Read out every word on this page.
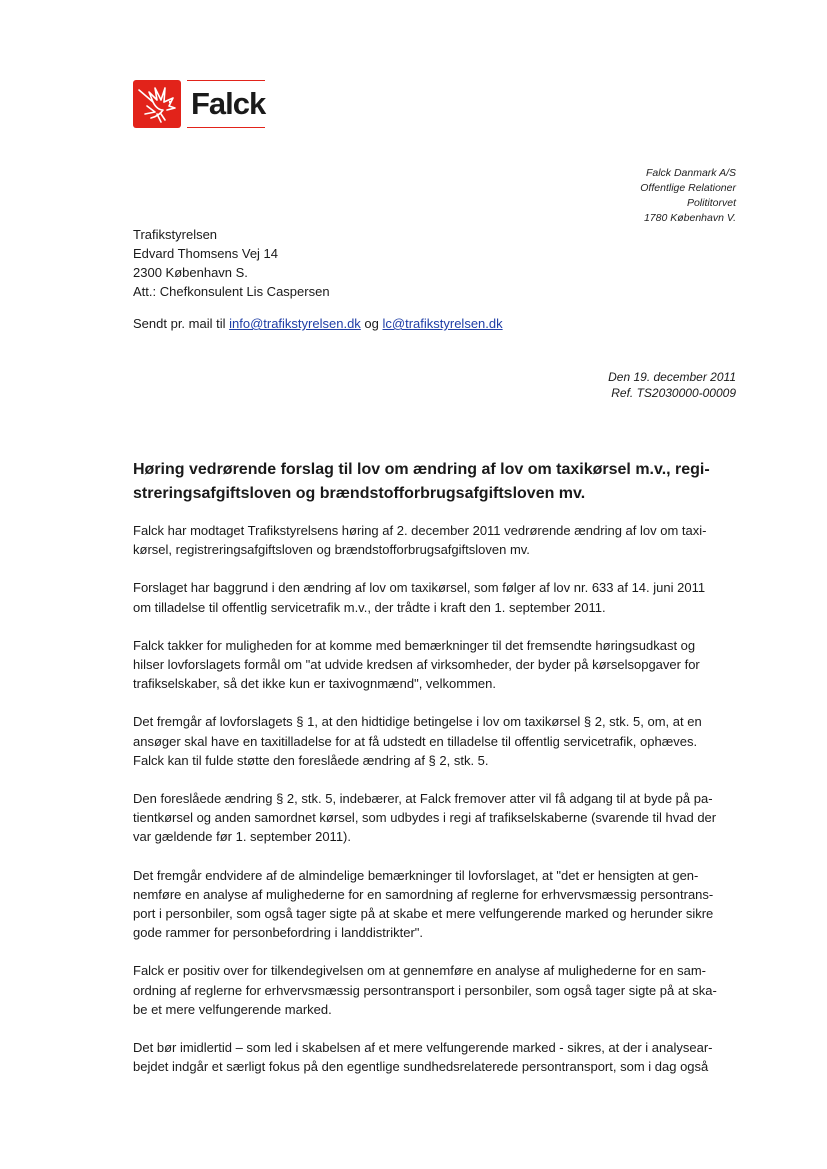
Falck
Falck Danmark A/S
Offentlige Relationer
Polititorvet
1780 København V.
Trafikstyrelsen
Edvard Thomsens Vej 14
2300 København S.
Att.: Chefkonsulent Lis Caspersen
Sendt pr. mail til info@trafikstyrelsen.dk og lc@trafikstyrelsen.dk
Den 19. december 2011
Ref. TS2030000-00009
Høring vedrørende forslag til lov om ændring af lov om taxikørsel m.v., regi-
streringsafgiftsloven og brændstofforbrugsafgiftsloven mv.
Falck har modtaget Trafikstyrelsens høring af 2. december 2011 vedrørende ændring af lov om taxi-
kørsel, registreringsafgiftsloven og brændstofforbrugsafgiftsloven mv.
Forslaget har baggrund i den ændring af lov om taxikørsel, som følger af lov nr. 633 af 14. juni 2011
om tilladelse til offentlig servicetrafik m.v., der trådte i kraft den 1. september 2011.
Falck takker for muligheden for at komme med bemærkninger til det fremsendte høringsudkast og
hilser lovforslagets formål om "at udvide kredsen af virksomheder, der byder på kørselsopgaver for
trafikselskaber, så det ikke kun er taxivognmænd", velkommen.
Det fremgår af lovforslagets § 1, at den hidtidige betingelse i lov om taxikørsel § 2, stk. 5, om, at en
ansøger skal have en taxitilladelse for at få udstedt en tilladelse til offentlig servicetrafik, ophæves.
Falck kan til fulde støtte den foreslåede ændring af § 2, stk. 5.
Den foreslåede ændring § 2, stk. 5, indebærer, at Falck fremover atter vil få adgang til at byde på pa-
tientkørsel og anden samordnet kørsel, som udbydes i regi af trafikselskaberne (svarende til hvad der
var gældende før 1. september 2011).
Det fremgår endvidere af de almindelige bemærkninger til lovforslaget, at "det er hensigten at gen-
nemføre en analyse af mulighederne for en samordning af reglerne for erhvervsmæssig persontrans-
port i personbiler, som også tager sigte på at skabe et mere velfungerende marked og herunder sikre
gode rammer for personbefordring i landdistrikter".
Falck er positiv over for tilkendegivelsen om at gennemføre en analyse af mulighederne for en sam-
ordning af reglerne for erhvervsmæssig persontransport i personbiler, som også tager sigte på at ska-
be et mere velfungerende marked.
Det bør imidlertid – som led i skabelsen af et mere velfungerende marked - sikres, at der i analysear-
bejdet indgår et særligt fokus på den egentlige sundhedsrelaterede persontransport, som i dag også
